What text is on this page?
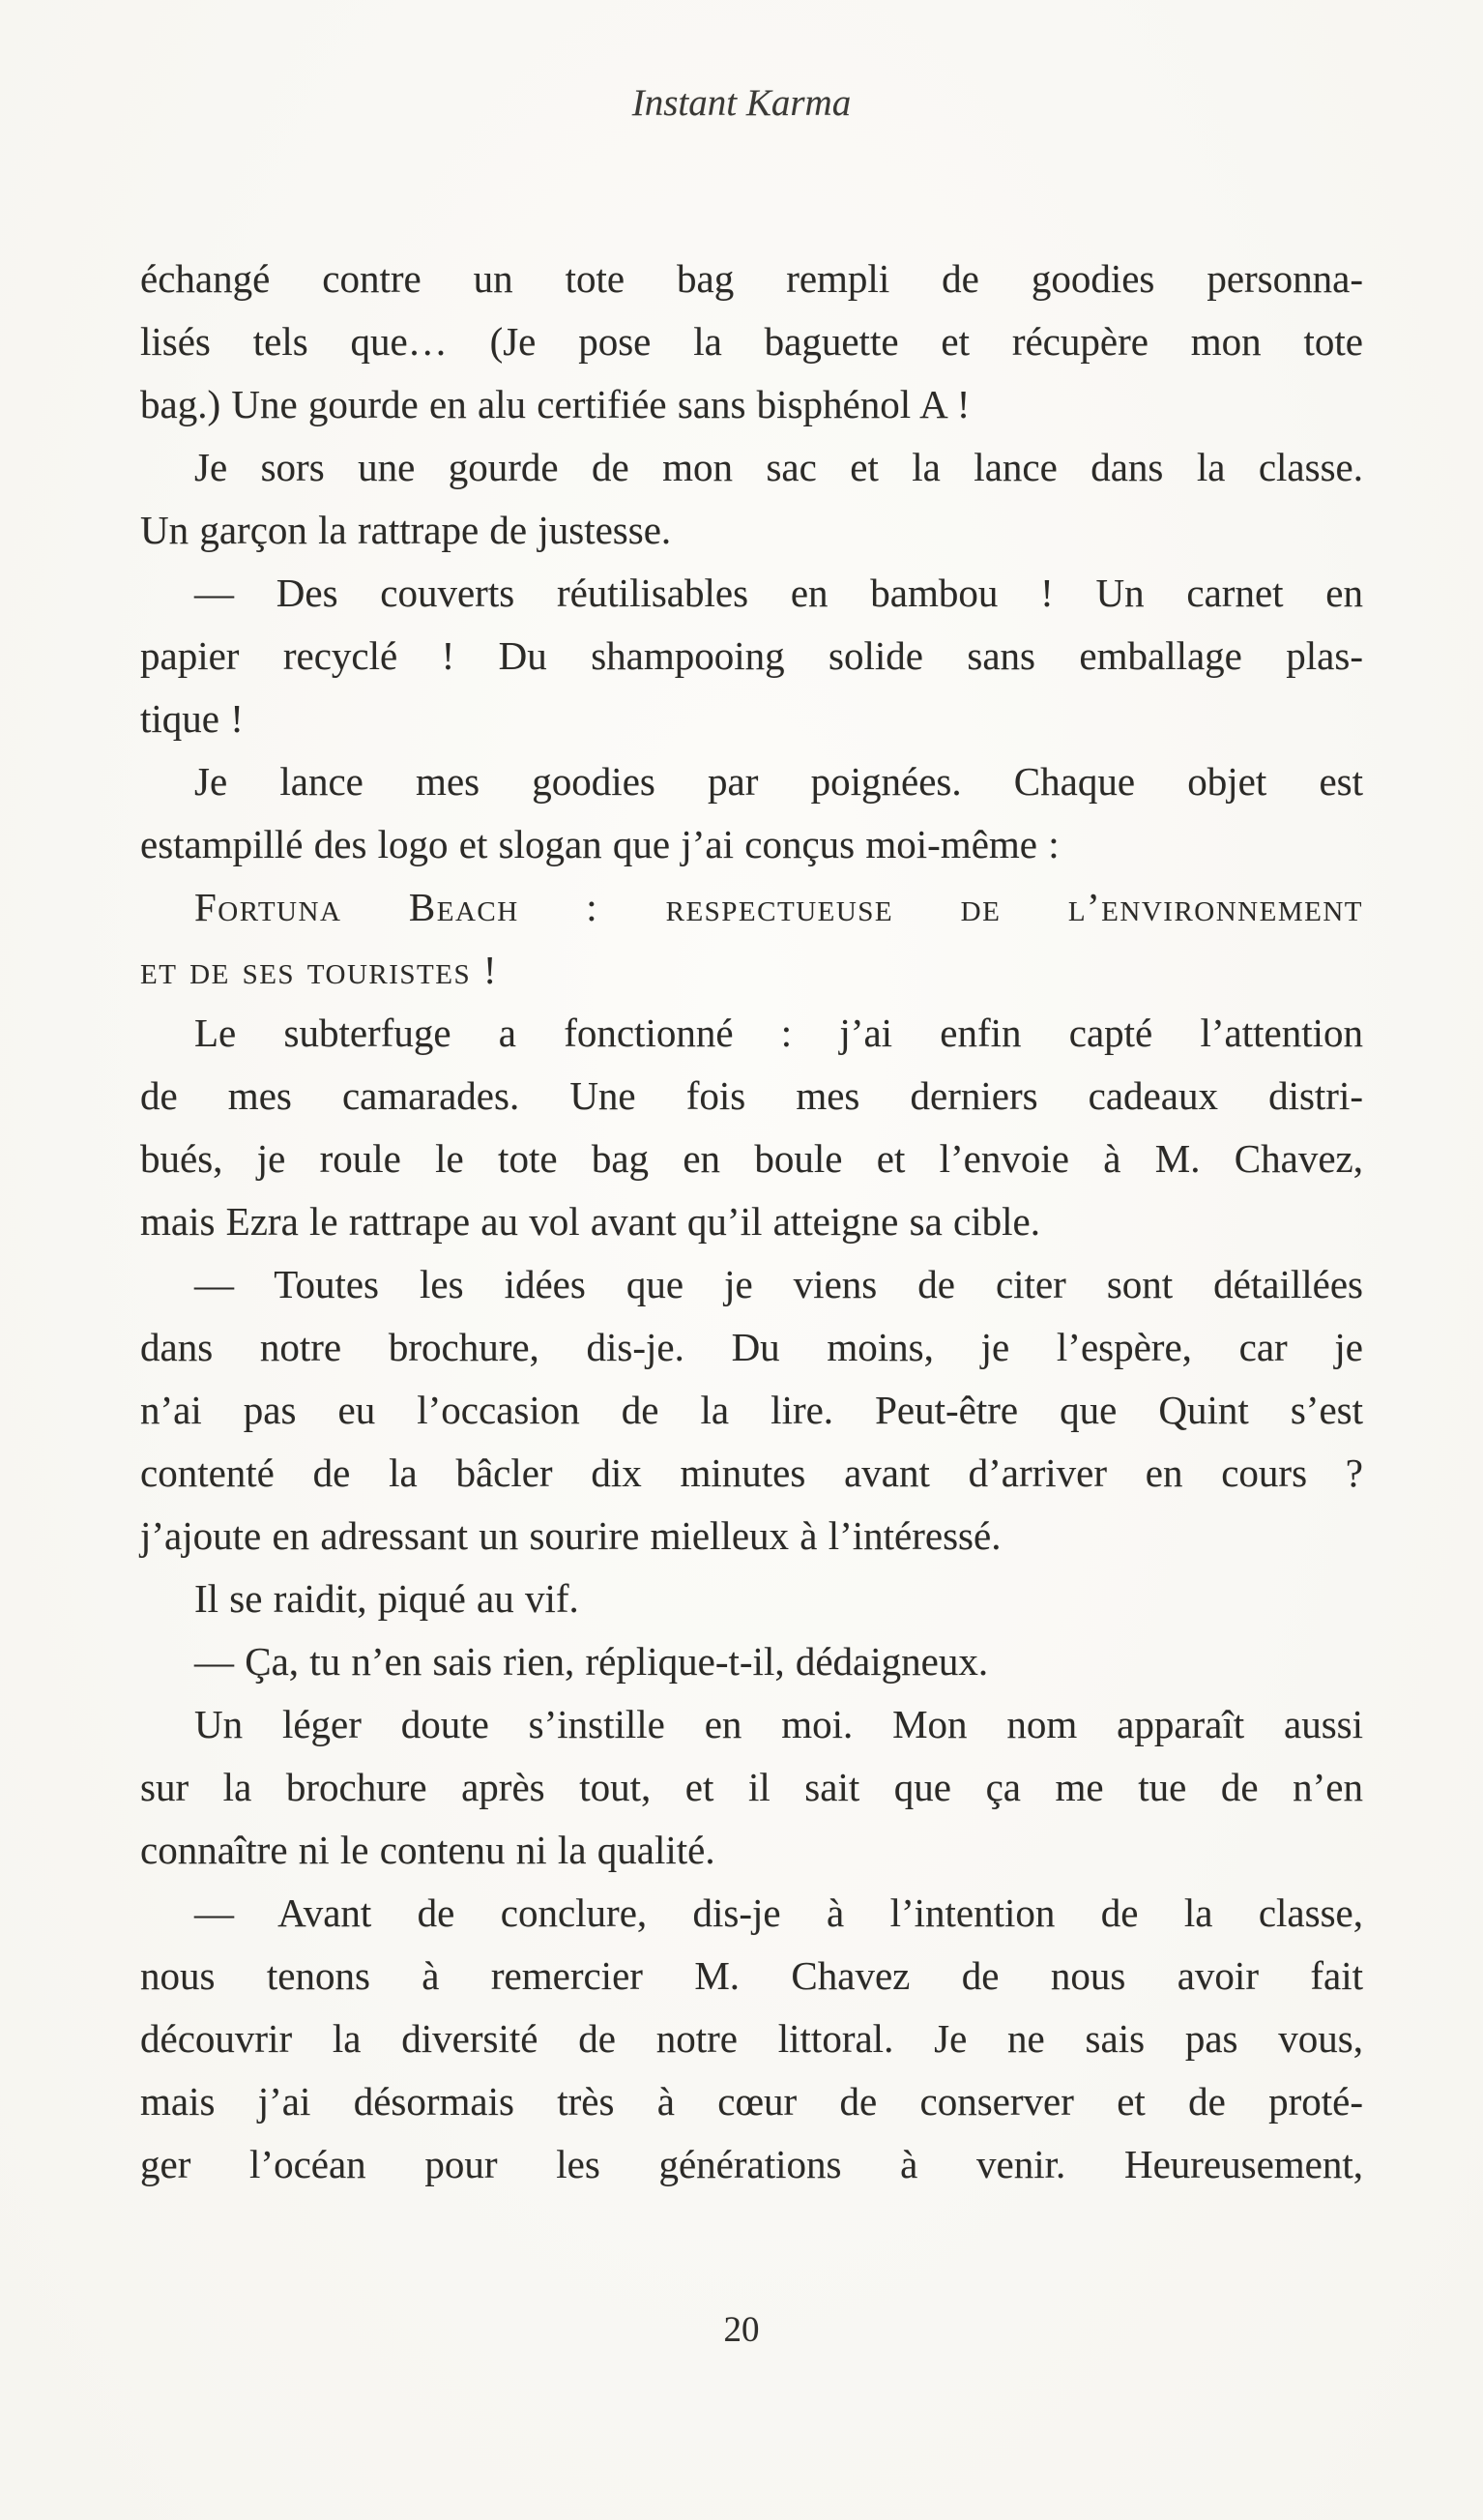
Instant Karma
échangé contre un tote bag rempli de goodies personna-
lisés tels que… (Je pose la baguette et récupère mon tote
bag.) Une gourde en alu certifiée sans bisphénol A !
Je sors une gourde de mon sac et la lance dans la classe.
Un garçon la rattrape de justesse.
— Des couverts réutilisables en bambou ! Un carnet en
papier recyclé ! Du shampooing solide sans emballage plas-
tique !
Je lance mes goodies par poignées. Chaque objet est
estampillé des logo et slogan que j’ai conçus moi-même :
Fortuna Beach : respectueuse de l’environnement
et de ses touristes !
Le subterfuge a fonctionné : j’ai enfin capté l’attention
de mes camarades. Une fois mes derniers cadeaux distri-
bués, je roule le tote bag en boule et l’envoie à M. Chavez,
mais Ezra le rattrape au vol avant qu’il atteigne sa cible.
— Toutes les idées que je viens de citer sont détaillées
dans notre brochure, dis-je. Du moins, je l’espère, car je
n’ai pas eu l’occasion de la lire. Peut-être que Quint s’est
contenté de la bâcler dix minutes avant d’arriver en cours ?
j’ajoute en adressant un sourire mielleux à l’intéressé.
Il se raidit, piqué au vif.
— Ça, tu n’en sais rien, réplique-t-il, dédaigneux.
Un léger doute s’instille en moi. Mon nom apparaît aussi
sur la brochure après tout, et il sait que ça me tue de n’en
connaître ni le contenu ni la qualité.
— Avant de conclure, dis-je à l’intention de la classe,
nous tenons à remercier M. Chavez de nous avoir fait
découvrir la diversité de notre littoral. Je ne sais pas vous,
mais j’ai désormais très à cœur de conserver et de proté-
ger l’océan pour les générations à venir. Heureusement,
20
